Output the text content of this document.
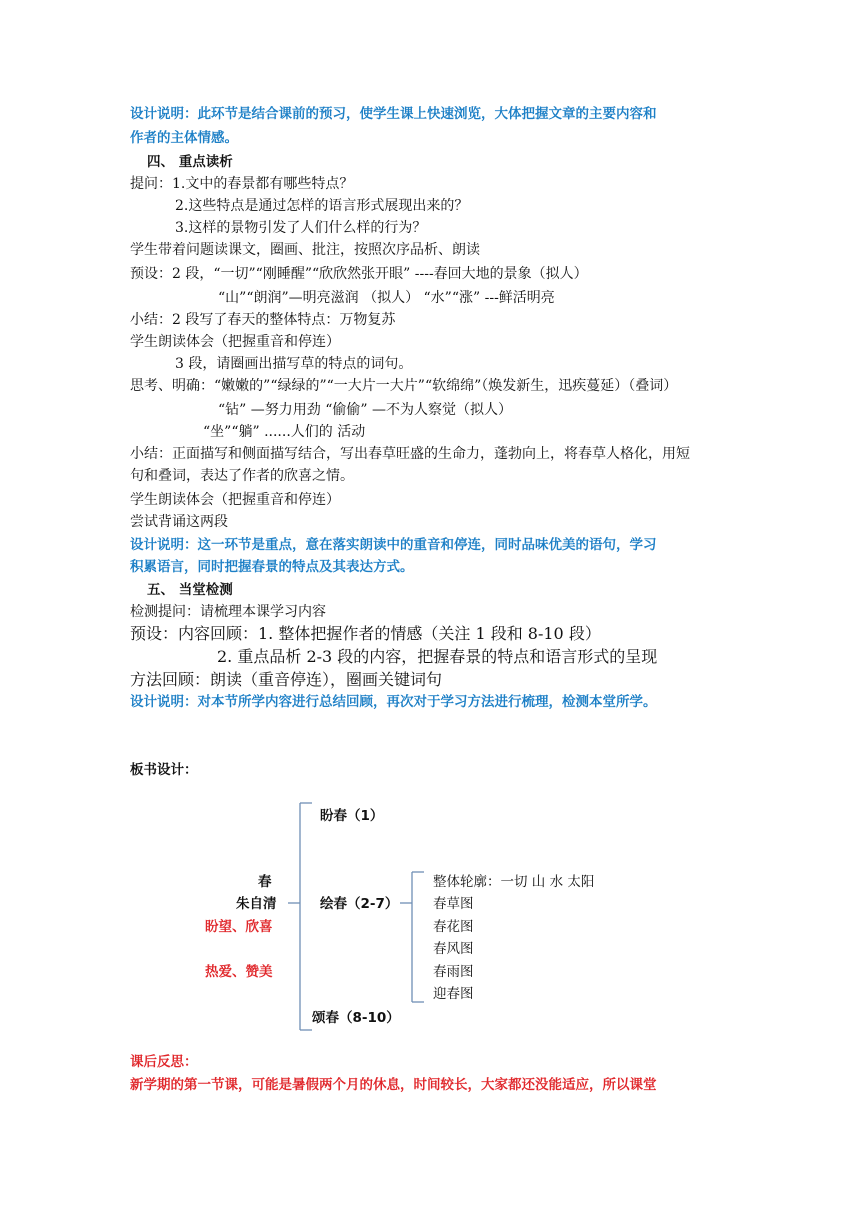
设计说明：此环节是结合课前的预习，使学生课上快速浏览，大体把握文章的主要内容和
作者的主体情感。
四、 重点读析
提问：1.文中的春景都有哪些特点？
2.这些特点是通过怎样的语言形式展现出来的？
3.这样的景物引发了人们什么样的行为？
学生带着问题读课文，圈画、批注，按照次序品析、朗读
预设：2 段，“一切”“刚睡醒”“欣欣然张开眼” ----春回大地的景象（拟人）
“山”“朗润”—明亮滋润 （拟人） “水”“涨” ---鲜活明亮
小结：2 段写了春天的整体特点：万物复苏
学生朗读体会（把握重音和停连）
3 段，请圈画出描写草的特点的词句。
思考、明确：“嫩嫩的”“绿绿的”“一大片一大片”“软绵绵”（焕发新生，迅疾蔓延）（叠词）
“钻” —努力用劲 “偷偷” —不为人察觉（拟人）
“坐”“躺” ......人们的 活动
小结：正面描写和侧面描写结合，写出春草旺盛的生命力，蓬勃向上，将春草人格化，用短
句和叠词，表达了作者的欣喜之情。
学生朗读体会（把握重音和停连）
尝试背诵这两段
设计说明：这一环节是重点，意在落实朗读中的重音和停连，同时品味优美的语句，学习
积累语言，同时把握春景的特点及其表达方式。
五、 当堂检测
检测提问：请梳理本课学习内容
预设：内容回顾：1. 整体把握作者的情感（关注 1 段和 8-10 段）
2. 重点品析 2-3 段的内容，把握春景的特点和语言形式的呈现
方法回顾：朗读（重音停连），圈画关键词句
设计说明：对本节所学内容进行总结回顾，再次对于学习方法进行梳理，检测本堂所学。
板书设计：
春
朱自清
盼望、欣喜
热爱、赞美
盼春（1）
绘春（2-7）
颂春（8-10）
整体轮廓：一切 山 水 太阳
春草图
春花图
春风图
春雨图
迎春图
课后反思：
新学期的第一节课，可能是暑假两个月的休息，时间较长，大家都还没能适应，所以课堂
